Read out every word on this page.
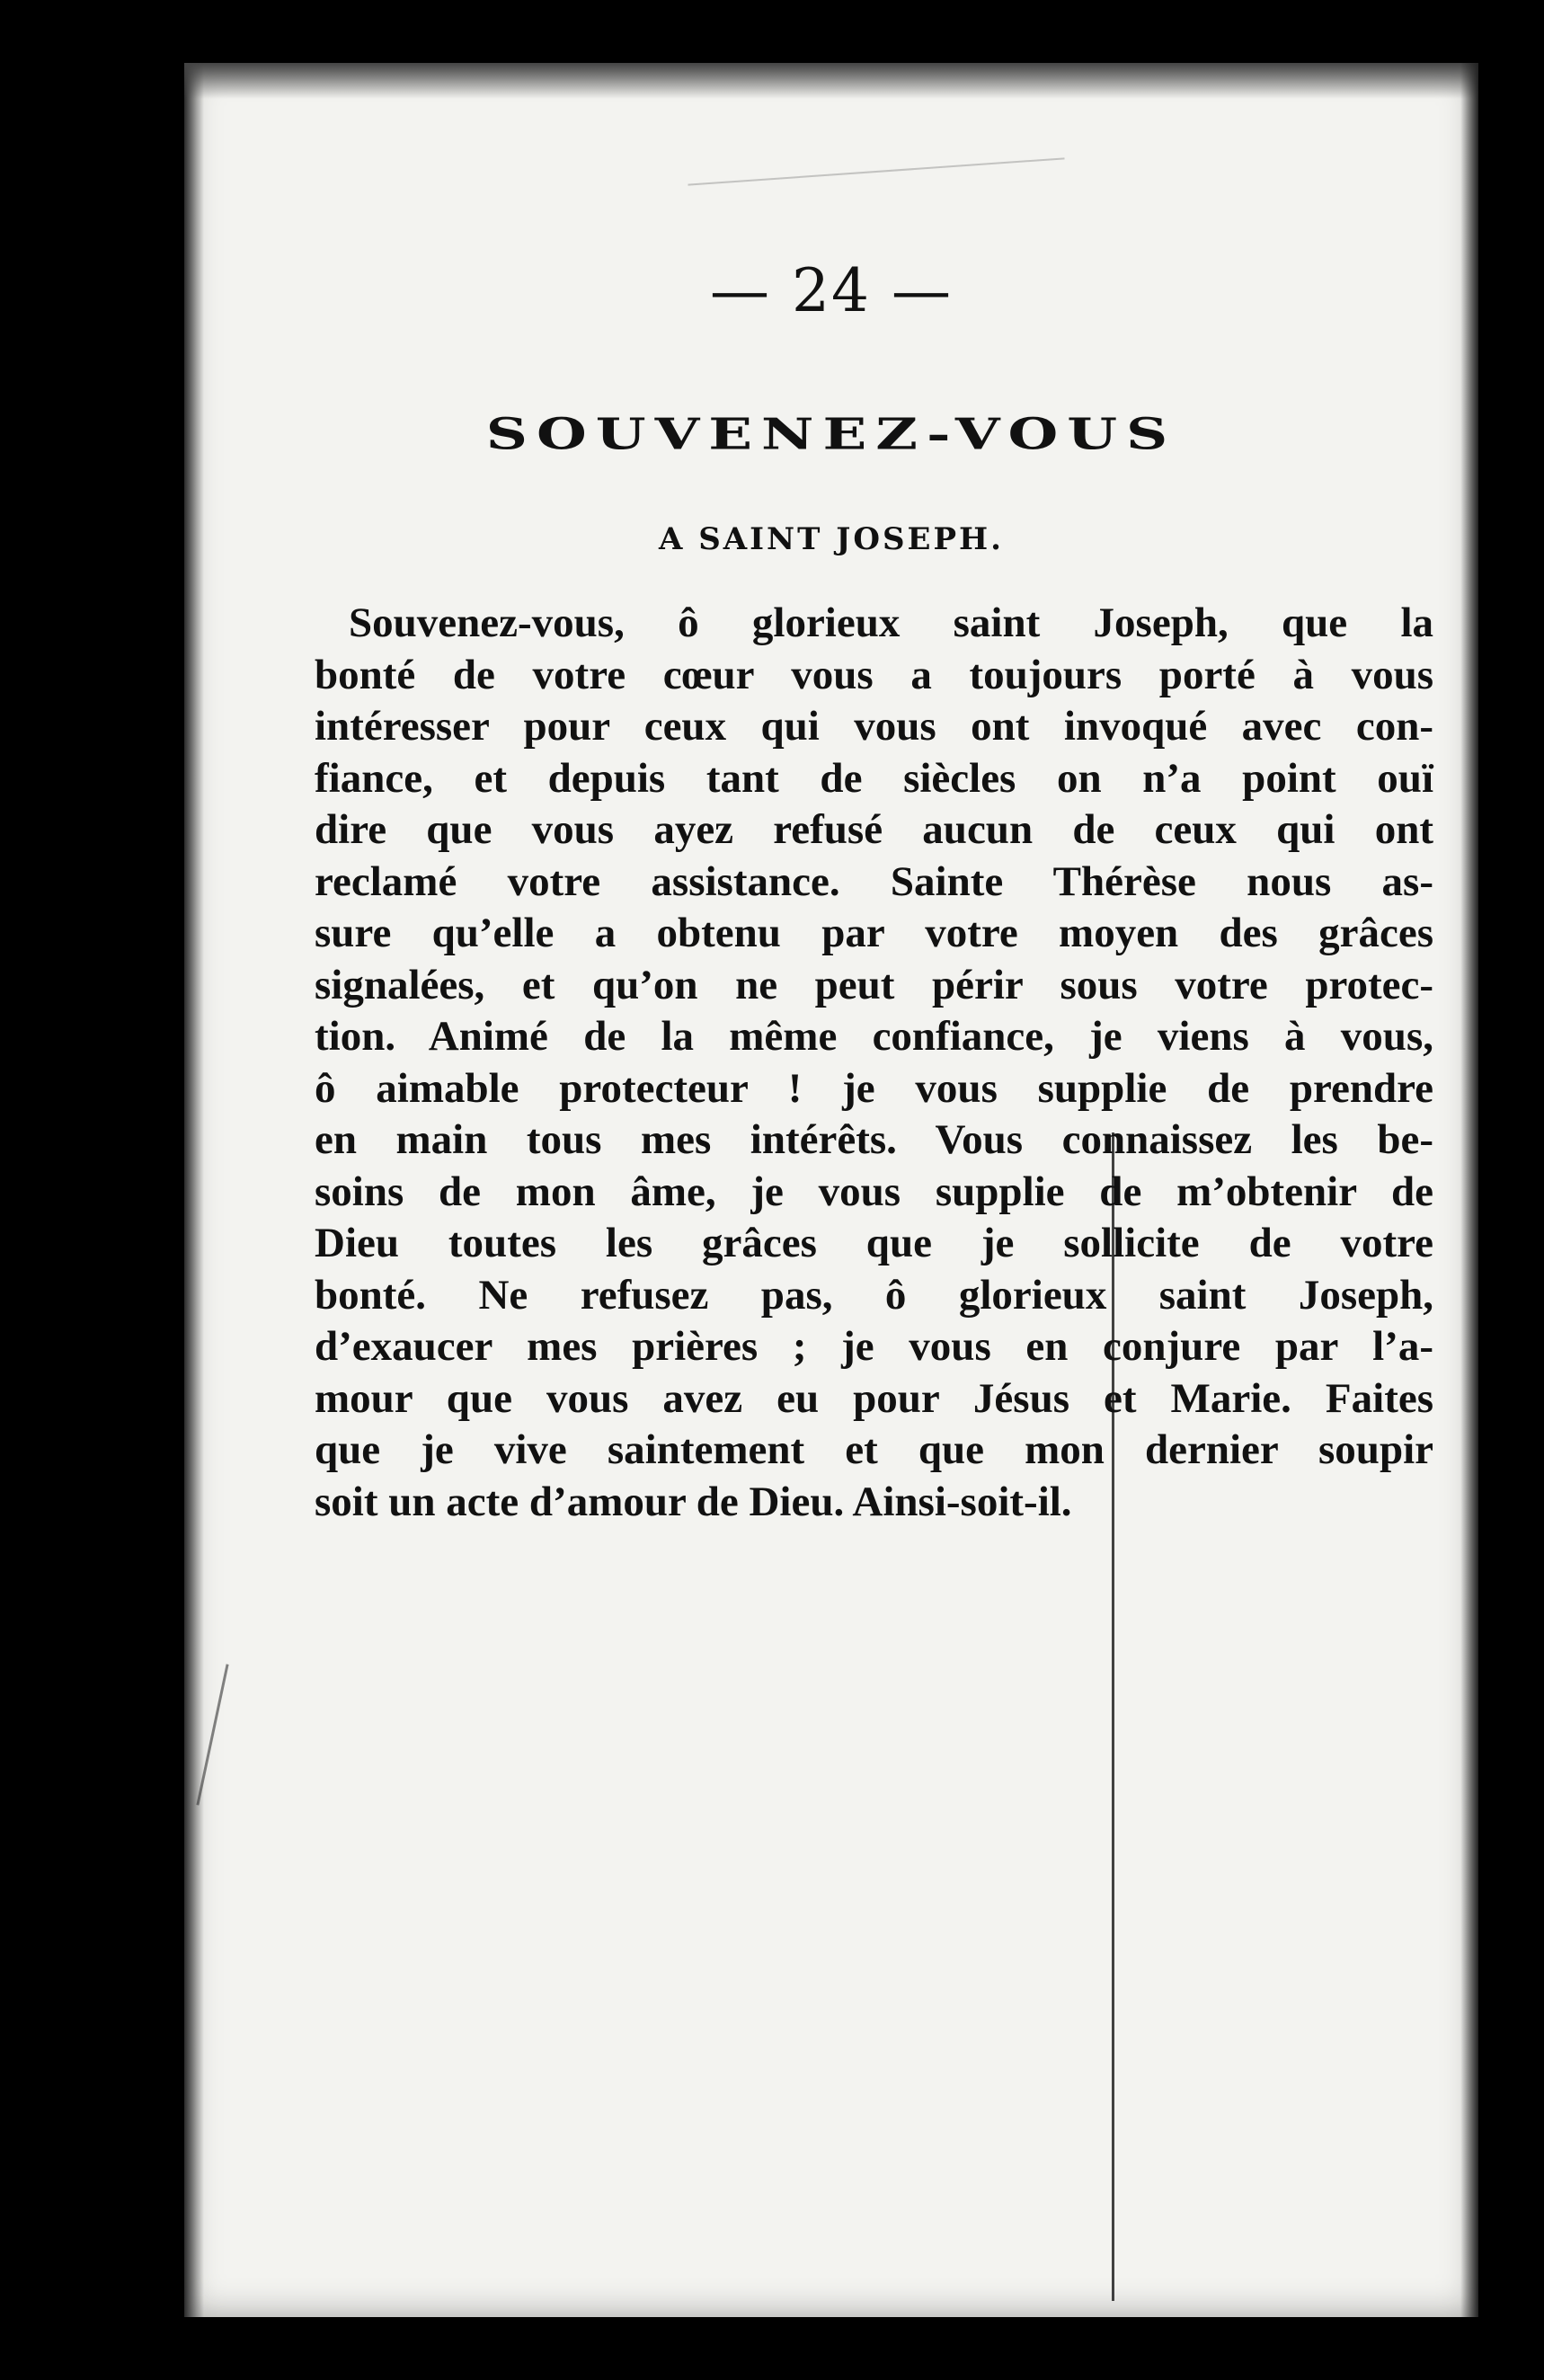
— 24 —
SOUVENEZ-VOUS
A SAINT JOSEPH.
Souvenez-vous, ô glorieux saint Joseph, que la
bonté de votre cœur vous a toujours porté à vous
intéresser pour ceux qui vous ont invoqué avec con-
fiance, et depuis tant de siècles on n’a point ouï
dire que vous ayez refusé aucun de ceux qui ont
reclamé votre assistance. Sainte Thérèse nous as-
sure qu’elle a obtenu par votre moyen des grâces
signalées, et qu’on ne peut périr sous votre protec-
tion. Animé de la même confiance, je viens à vous,
ô aimable protecteur ! je vous supplie de prendre
en main tous mes intérêts. Vous connaissez les be-
soins de mon âme, je vous supplie de m’obtenir de
Dieu toutes les grâces que je sollicite de votre
bonté. Ne refusez pas, ô glorieux saint Joseph,
d’exaucer mes prières ; je vous en conjure par l’a-
mour que vous avez eu pour Jésus et Marie. Faites
que je vive saintement et que mon dernier soupir
soit un acte d’amour de Dieu. Ainsi-soit-il.
